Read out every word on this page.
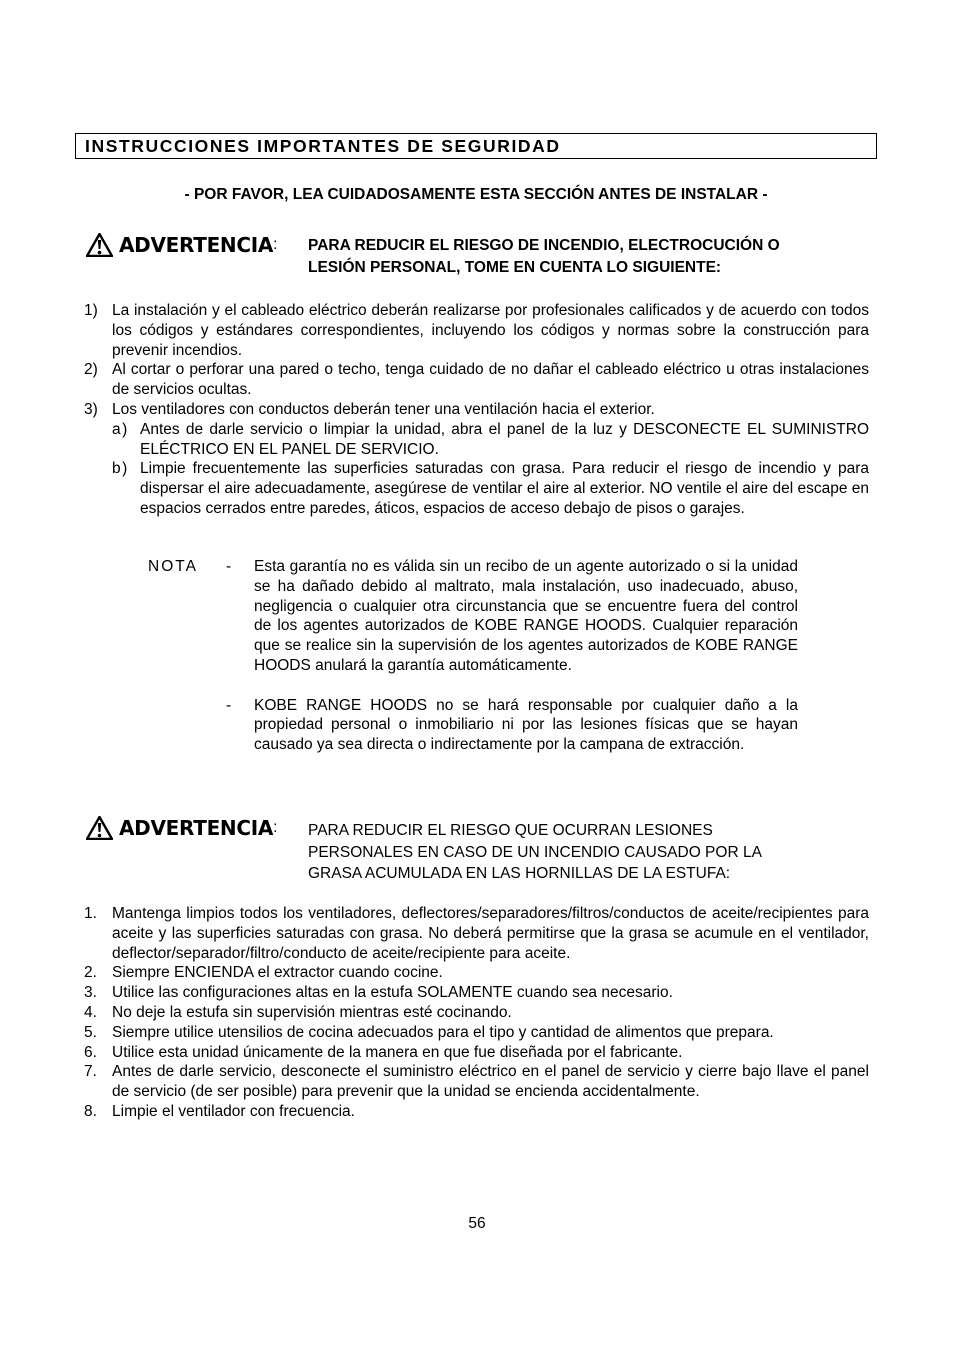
INSTRUCCIONES IMPORTANTES DE SEGURIDAD
- POR FAVOR, LEA CUIDADOSAMENTE ESTA SECCIÓN ANTES DE INSTALAR -
ADVERTENCIA : PARA REDUCIR EL RIESGO DE INCENDIO, ELECTROCUCIÓN O
LESIÓN PERSONAL, TOME EN CUENTA LO SIGUIENTE:
1) La instalación y el cableado eléctrico deberán realizarse por profesionales calificados y de acuerdo con todos los códigos y estándares correspondientes, incluyendo los códigos y normas sobre la construcción para prevenir incendios.
2) Al cortar o perforar una pared o techo, tenga cuidado de no dañar el cableado eléctrico u otras instalaciones de servicios ocultas.
3) Los ventiladores con conductos deberán tener una ventilación hacia el exterior.
a) Antes de darle servicio o limpiar la unidad, abra el panel de la luz y DESCONECTE EL SUMINISTRO ELÉCTRICO EN EL PANEL DE SERVICIO.
b) Limpie frecuentemente las superficies saturadas con grasa. Para reducir el riesgo de incendio y para dispersar el aire adecuadamente, asegúrese de ventilar el aire al exterior. NO ventile el aire del escape en espacios cerrados entre paredes, áticos, espacios de acceso debajo de pisos o garajes.
NOTA - Esta garantía no es válida sin un recibo de un agente autorizado o si la unidad se ha dañado debido al maltrato, mala instalación, uso inadecuado, abuso, negligencia o cualquier otra circunstancia que se encuentre fuera del control de los agentes autorizados de KOBE RANGE HOODS. Cualquier reparación que se realice sin la supervisión de los agentes autorizados de KOBE RANGE HOODS anulará la garantía automáticamente.
- KOBE RANGE HOODS no se hará responsable por cualquier daño a la propiedad personal o inmobiliario ni por las lesiones físicas que se hayan causado ya sea directa o indirectamente por la campana de extracción.
ADVERTENCIA : PARA REDUCIR EL RIESGO QUE OCURRAN LESIONES
PERSONALES EN CASO DE UN INCENDIO CAUSADO POR LA
GRASA ACUMULADA EN LAS HORNILLAS DE LA ESTUFA:
1. Mantenga limpios todos los ventiladores, deflectores/separadores/filtros/conductos de aceite/recipientes para aceite y las superficies saturadas con grasa. No deberá permitirse que la grasa se acumule en el ventilador, deflector/separador/filtro/conducto de aceite/recipiente para aceite.
2. Siempre ENCIENDA el extractor cuando cocine.
3. Utilice las configuraciones altas en la estufa SOLAMENTE cuando sea necesario.
4. No deje la estufa sin supervisión mientras esté cocinando.
5. Siempre utilice utensilios de cocina adecuados para el tipo y cantidad de alimentos que prepara.
6. Utilice esta unidad únicamente de la manera en que fue diseñada por el fabricante.
7. Antes de darle servicio, desconecte el suministro eléctrico en el panel de servicio y cierre bajo llave el panel de servicio (de ser posible) para prevenir que la unidad se encienda accidentalmente.
8. Limpie el ventilador con frecuencia.
56
